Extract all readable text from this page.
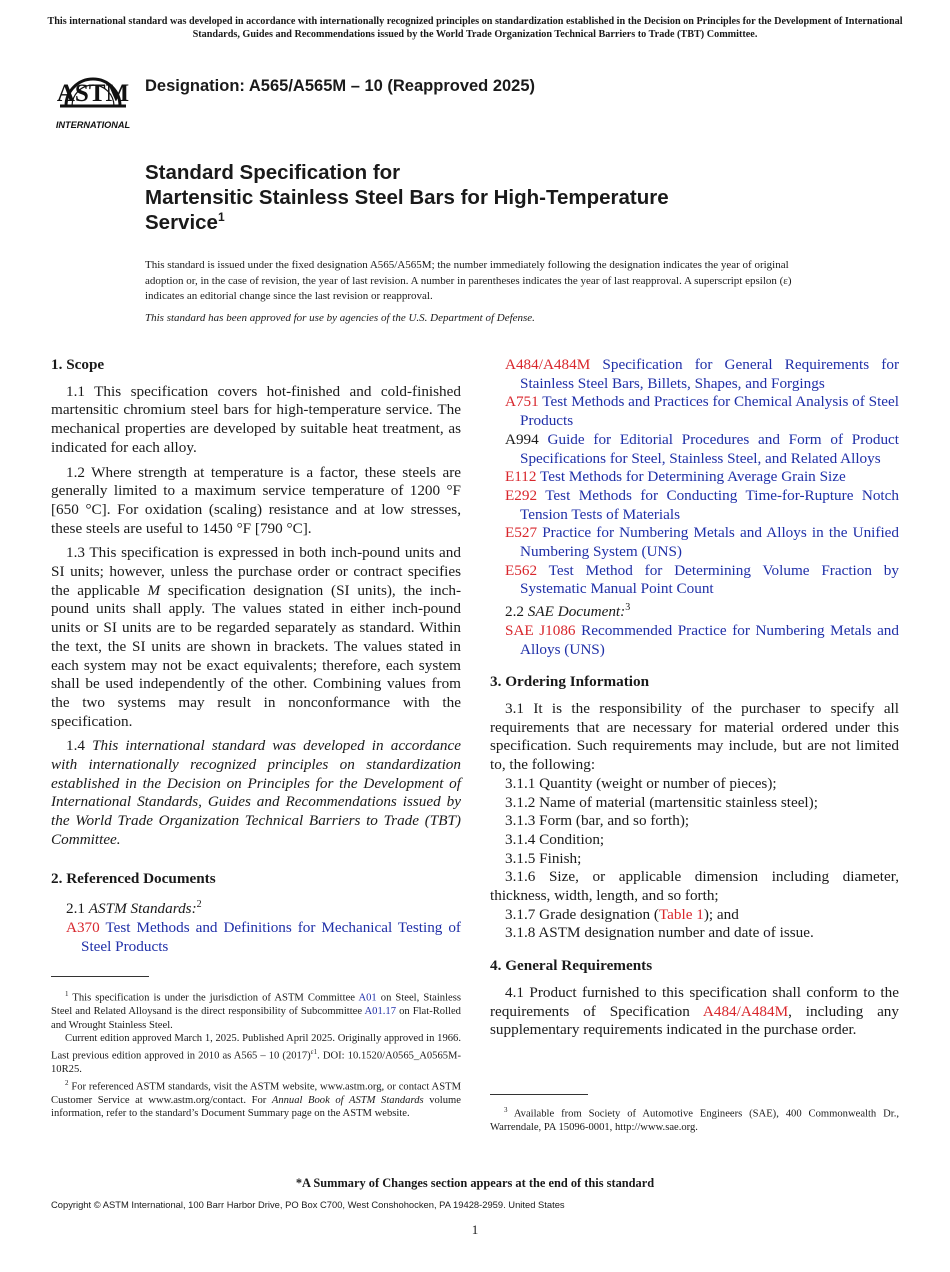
This international standard was developed in accordance with internationally recognized principles on standardization established in the Decision on Principles for the Development of International Standards, Guides and Recommendations issued by the World Trade Organization Technical Barriers to Trade (TBT) Committee.
ASTM
INTERNATIONAL
Designation: A565/A565M – 10 (Reapproved 2025)
Standard Specification for
Martensitic Stainless Steel Bars for High-Temperature
Service$^1$
This standard is issued under the fixed designation A565/A565M; the number immediately following the designation indicates the year of original adoption or, in the case of revision, the year of last revision. A number in parentheses indicates the year of last reapproval. A superscript epsilon (ε) indicates an editorial change since the last revision or reapproval.
This standard has been approved for use by agencies of the U.S. Department of Defense.
1. Scope

1.1 This specification covers hot-finished and cold-finished martensitic chromium steel bars for high-temperature service. The mechanical properties are developed by suitable heat treatment, as indicated for each alloy.

1.2 Where strength at temperature is a factor, these steels are generally limited to a maximum service temperature of 1200 °F [650 °C]. For oxidation (scaling) resistance and at low stresses, these steels are useful to 1450 °F [790 °C].

1.3 This specification is expressed in both inch-pound units and SI units; however, unless the purchase order or contract specifies the applicable M specification designation (SI units), the inch-pound units shall apply. The values stated in either inch-pound units or SI units are to be regarded separately as standard. Within the text, the SI units are shown in brackets. The values stated in each system may not be exact equivalents; therefore, each system shall be used independently of the other. Combining values from the two systems may result in nonconformance with the specification.

1.4 This international standard was developed in accordance with internationally recognized principles on standardization established in the Decision on Principles for the Development of International Standards, Guides and Recommendations issued by the World Trade Organization Technical Barriers to Trade (TBT) Committee.

2. Referenced Documents

2.1 ASTM Standards:$^2$

A370 Test Methods and Definitions for Mechanical Testing of Steel Products

A484/A484M Specification for General Requirements for Stainless Steel Bars, Billets, Shapes, and Forgings

A751 Test Methods and Practices for Chemical Analysis of Steel Products

A994 Guide for Editorial Procedures and Form of Product Specifications for Steel, Stainless Steel, and Related Alloys

E112 Test Methods for Determining Average Grain Size

E292 Test Methods for Conducting Time-for-Rupture Notch Tension Tests of Materials

E527 Practice for Numbering Metals and Alloys in the Unified Numbering System (UNS)

E562 Test Method for Determining Volume Fraction by Systematic Manual Point Count

2.2 SAE Document:$^3$

SAE J1086 Recommended Practice for Numbering Metals and Alloys (UNS)

3. Ordering Information

3.1 It is the responsibility of the purchaser to specify all requirements that are necessary for material ordered under this specification. Such requirements may include, but are not limited to, the following:

3.1.1 Quantity (weight or number of pieces);

3.1.2 Name of material (martensitic stainless steel);

3.1.3 Form (bar, and so forth);

3.1.4 Condition;

3.1.5 Finish;

3.1.6 Size, or applicable dimension including diameter, thickness, width, length, and so forth;

3.1.7 Grade designation (Table 1); and

3.1.8 ASTM designation number and date of issue.

4. General Requirements

4.1 Product furnished to this specification shall conform to the requirements of Specification A484/A484M, including any supplementary requirements indicated in the purchase order.

$^1$ This specification is under the jurisdiction of ASTM Committee A01 on Steel, Stainless Steel and Related Alloysand is the direct responsibility of Subcommittee A01.17 on Flat-Rolled and Wrought Stainless Steel.

Current edition approved March 1, 2025. Published April 2025. Originally approved in 1966. Last previous edition approved in 2010 as A565 – 10 $(2017)^{\varepsilon 1}$. DOI: 10.1520/A0565_A0565M-10R25.

$^2$ For referenced ASTM standards, visit the ASTM website, www.astm.org, or contact ASTM Customer Service at www.astm.org/contact. For Annual Book of ASTM Standards volume information, refer to the standard’s Document Summary page on the ASTM website.	$^3$ Available from Society of Automotive Engineers (SAE), 400 Commonwealth Dr., Warrendale, PA 15096-0001, http://www.sae.org.

*A Summary of Changes section appears at the end of this standard
Copyright © ASTM International, 100 Barr Harbor Drive, PO Box C700, West Conshohocken, PA 19428-2959. United States
1
